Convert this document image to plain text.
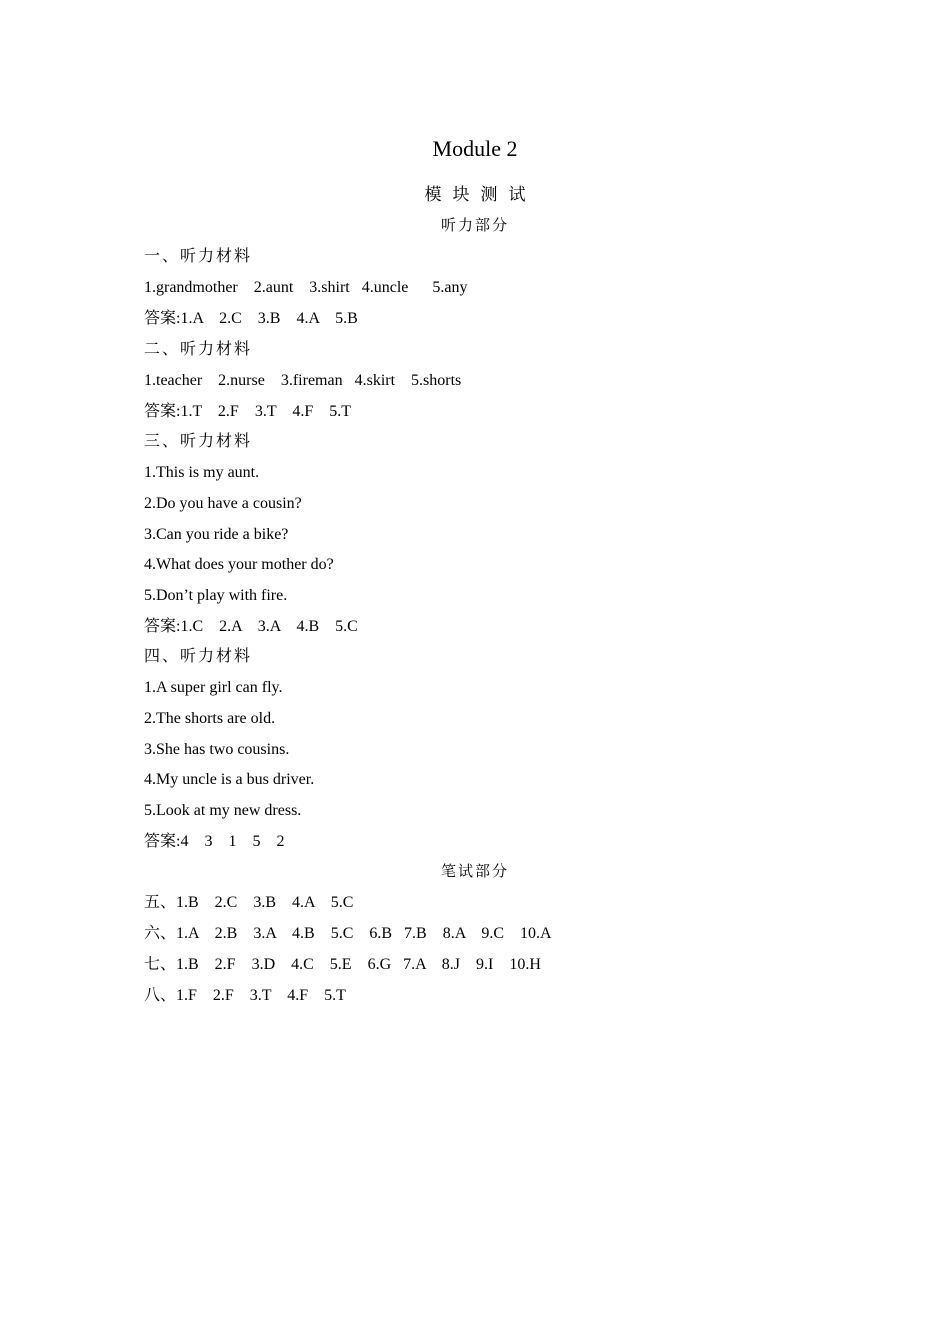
Module 2
模块测试
听力部分
一、听力材料
1.grandmother    2.aunt    3.shirt   4.uncle      5.any
答案:1.A    2.C    3.B    4.A    5.B
二、听力材料
1.teacher    2.nurse    3.fireman   4.skirt    5.shorts
答案:1.T    2.F    3.T    4.F    5.T
三、听力材料
1.This is my aunt.
2.Do you have a cousin?
3.Can you ride a bike?
4.What does your mother do?
5.Don’t play with fire.
答案:1.C    2.A    3.A    4.B    5.C
四、听力材料
1.A super girl can fly.
2.The shorts are old.
3.She has two cousins.
4.My uncle is a bus driver.
5.Look at my new dress.
答案:4    3    1    5    2
笔试部分
五、1.B    2.C    3.B    4.A    5.C
六、1.A    2.B    3.A    4.B    5.C    6.B   7.B    8.A    9.C    10.A
七、1.B    2.F    3.D    4.C    5.E    6.G   7.A    8.J    9.I    10.H
八、1.F    2.F    3.T    4.F    5.T
